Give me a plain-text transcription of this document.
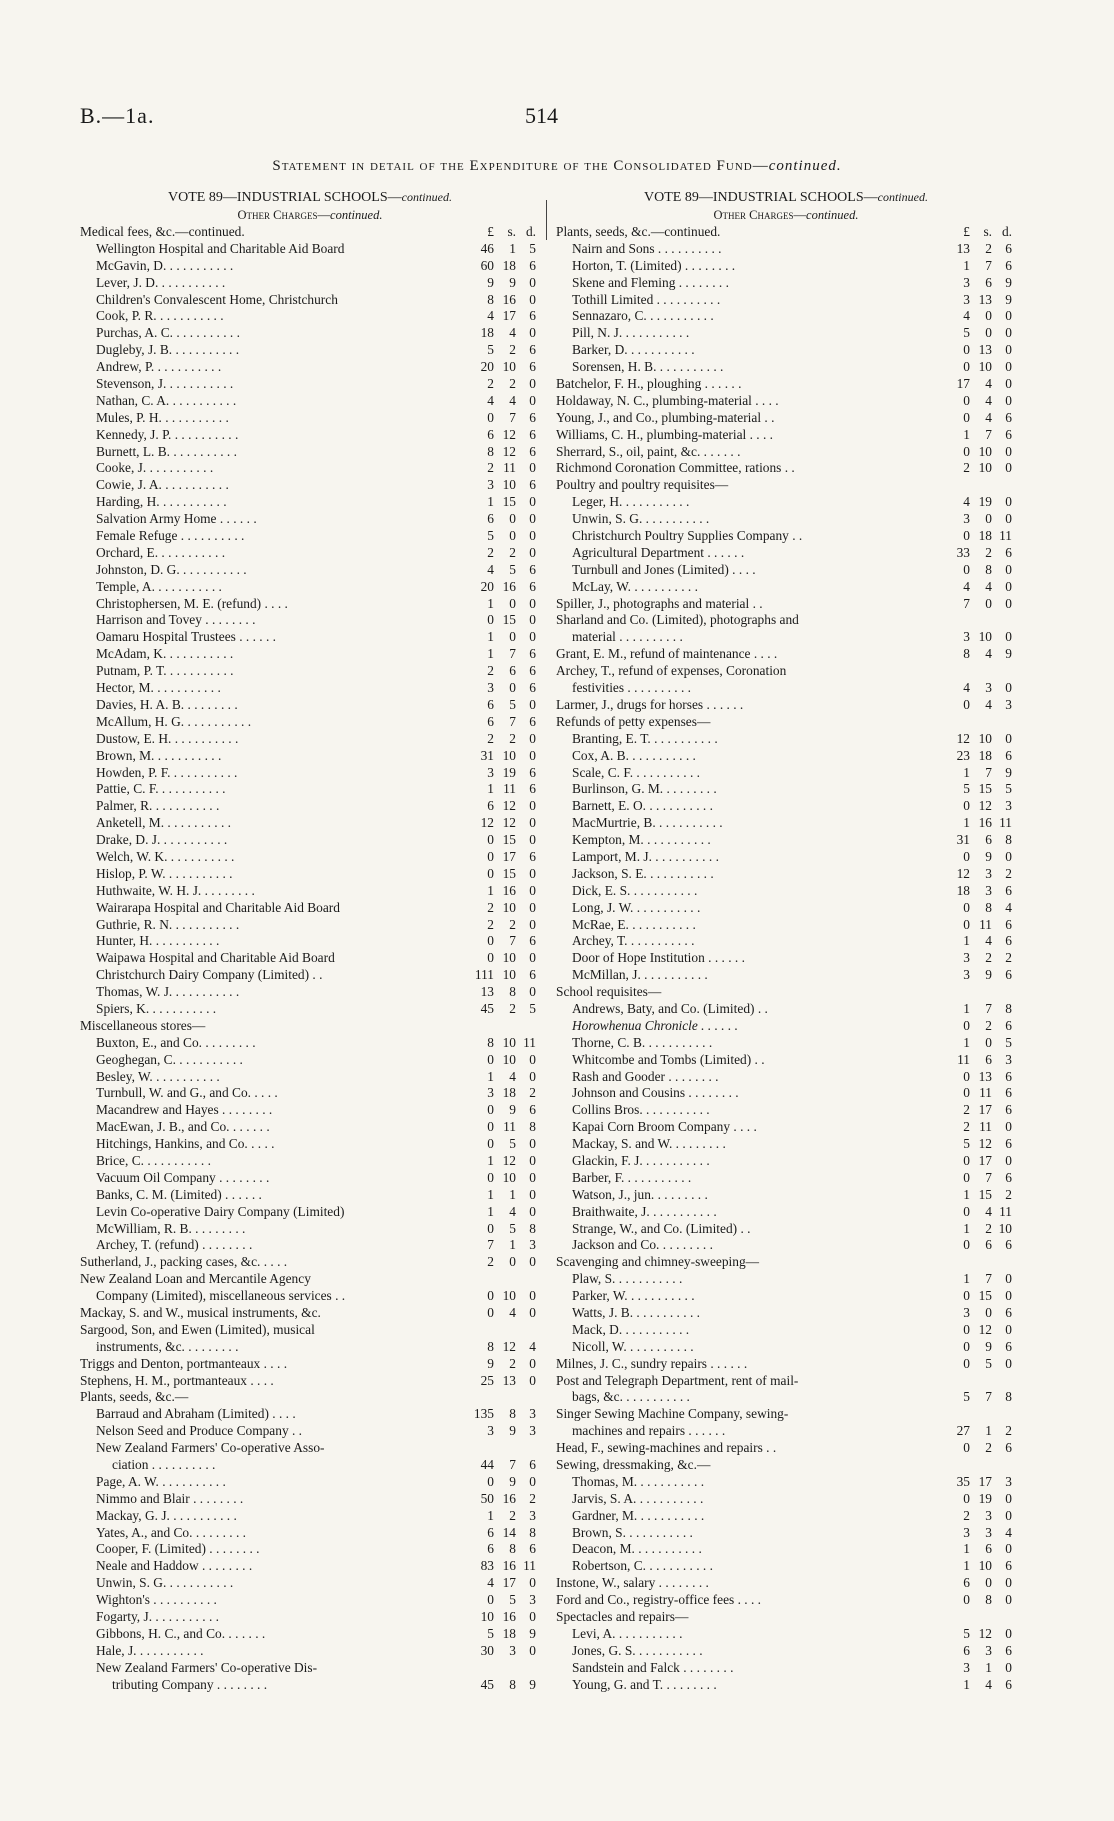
B.—1a.	514
Statement in detail of the Expenditure of the Consolidated Fund—continued.
VOTE 89—INDUSTRIAL SCHOOLS—continued.
Other Charges—continued.
Medical fees, &c.—continued.	£	s. d.
Wellington Hospital and Charitable Aid Board	46	1 5
McGavin, D. . . . . . . . . . .	60 18 6
Lever, J. D. . . . . . . . . . .	9	9 0
Children's Convalescent Home, Christchurch	8 16 0
Cook, P. R. . . . . . . . . . .	4 17 6
Purchas, A. C. . . . . . . . . . .	18	4 0
Dugleby, J. B. . . . . . . . . . .	5	2 6
Andrew, P. . . . . . . . . . .	20 10 6
Stevenson, J. . . . . . . . . . .	2	2 0
Nathan, C. A. . . . . . . . . . .	4	4 0
Mules, P. H. . . . . . . . . . .	0	7 6
Kennedy, J. P. . . . . . . . . . .	6 12 6
Burnett, L. B. . . . . . . . . . .	8 12 6
Cooke, J. . . . . . . . . . .	2 11 0
Cowie, J. A. . . . . . . . . . .	3 10 6
Harding, H. . . . . . . . . . .	1 15 0
Salvation Army Home . . . . . .	6	0 0
Female Refuge . . . . . . . . . .	5	0 0
Orchard, E. . . . . . . . . . .	2	2 0
Johnston, D. G. . . . . . . . . . .	4	5 6
Temple, A. . . . . . . . . . .	20 16 6
Christophersen, M. E. (refund) . . . .	1	0 0
Harrison and Tovey . . . . . . . .	0 15 0
Oamaru Hospital Trustees . . . . . .	1	0 0
McAdam, K. . . . . . . . . . .	1	7 6
Putnam, P. T. . . . . . . . . . .	2	6 6
Hector, M. . . . . . . . . . .	3	0 6
Davies, H. A. B. . . . . . . . .	6	5 0
McAllum, H. G. . . . . . . . . . .	6	7 6
Dustow, E. H. . . . . . . . . . .	2	2 0
Brown, M. . . . . . . . . . .	31 10 0
Howden, P. F. . . . . . . . . . .	3 19 6
Pattie, C. F. . . . . . . . . . .	1 11 6
Palmer, R. . . . . . . . . . .	6 12 0
Anketell, M. . . . . . . . . . .	12 12 0
Drake, D. J. . . . . . . . . . .	0 15 0
Welch, W. K. . . . . . . . . . .	0 17 6
Hislop, P. W. . . . . . . . . . .	0 15 0
Huthwaite, W. H. J. . . . . . . . .	1 16 0
Wairarapa Hospital and Charitable Aid Board	2 10 0
Guthrie, R. N. . . . . . . . . . .	2	2 0
Hunter, H. . . . . . . . . . .	0	7 6
Waipawa Hospital and Charitable Aid Board	0 10 0
Christchurch Dairy Company (Limited) . .	111 10 6
Thomas, W. J. . . . . . . . . . .	13	8 0
Spiers, K. . . . . . . . . . .	45	2 5
Miscellaneous stores—
Buxton, E., and Co. . . . . . . . .	8 10 11
Geoghegan, C. . . . . . . . . . .	0 10 0
Besley, W. . . . . . . . . . .	1	4 0
Turnbull, W. and G., and Co. . . . .	3 18 2
Macandrew and Hayes . . . . . . . .	0	9 6
MacEwan, J. B., and Co. . . . . . .	0 11 8
Hitchings, Hankins, and Co. . . . .	0	5 0
Brice, C. . . . . . . . . . .	1 12 0
Vacuum Oil Company . . . . . . . .	0 10 0
Banks, C. M. (Limited) . . . . . .	1	1 0
Levin Co-operative Dairy Company (Limited)	1	4 0
McWilliam, R. B. . . . . . . . .	0	5 8
Archey, T. (refund) . . . . . . . .	7	1 3
Sutherland, J., packing cases, &c. . . . .	2	0 0
New Zealand Loan and Mercantile Agency
Company (Limited), miscellaneous services . .	0 10 0
Mackay, S. and W., musical instruments, &c.	0	4 0
Sargood, Son, and Ewen (Limited), musical
instruments, &c. . . . . . . . .	8 12 4
Triggs and Denton, portmanteaux . . . .	9	2 0
Stephens, H. M., portmanteaux . . . .	25 13 0
Plants, seeds, &c.—
Barraud and Abraham (Limited) . . . .	135	8 3
Nelson Seed and Produce Company . .	3	9 3
New Zealand Farmers' Co-operative Asso-
ciation . . . . . . . . . .	44	7 6
Page, A. W. . . . . . . . . . .	0	9 0
Nimmo and Blair . . . . . . . .	50 16 2
Mackay, G. J. . . . . . . . . . .	1	2 3
Yates, A., and Co. . . . . . . . .	6 14 8
Cooper, F. (Limited) . . . . . . . .	6	8 6
Neale and Haddow . . . . . . . .	83 16 11
Unwin, S. G. . . . . . . . . . .	4 17 0
Wighton's . . . . . . . . . .	0	5 3
Fogarty, J. . . . . . . . . . .	10 16 0
Gibbons, H. C., and Co. . . . . . .	5 18 9
Hale, J. . . . . . . . . . .	30	3 0
New Zealand Farmers' Co-operative Dis-
tributing Company . . . . . . . .	45	8 9
VOTE 89—INDUSTRIAL SCHOOLS—continued.
Other Charges—continued.
Plants, seeds, &c.—continued.	£	s. d.
Nairn and Sons . . . . . . . . . .	13	2 6
Horton, T. (Limited) . . . . . . . .	1	7 6
Skene and Fleming . . . . . . . .	3	6 9
Tothill Limited . . . . . . . . . .	3 13 9
Sennazaro, C. . . . . . . . . . .	4	0 0
Pill, N. J. . . . . . . . . . .	5	0 0
Barker, D. . . . . . . . . . .	0 13 0
Sorensen, H. B. . . . . . . . . . .	0 10 0
Batchelor, F. H., ploughing . . . . . .	17	4 0
Holdaway, N. C., plumbing-material . . . .	0	4 0
Young, J., and Co., plumbing-material . .	0	4 6
Williams, C. H., plumbing-material . . . .	1	7 6
Sherrard, S., oil, paint, &c. . . . . . .	0 10 0
Richmond Coronation Committee, rations . .	2 10 0
Poultry and poultry requisites—
Leger, H. . . . . . . . . . .	4 19 0
Unwin, S. G. . . . . . . . . . .	3	0 0
Christchurch Poultry Supplies Company . .	0 18 11
Agricultural Department . . . . . .	33	2 6
Turnbull and Jones (Limited) . . . .	0	8 0
McLay, W. . . . . . . . . . .	4	4 0
Spiller, J., photographs and material . .	7	0 0
Sharland and Co. (Limited), photographs and
material . . . . . . . . . .	3 10 0
Grant, E. M., refund of maintenance . . . .	8	4 9
Archey, T., refund of expenses, Coronation
festivities . . . . . . . . . .	4	3 0
Larmer, J., drugs for horses . . . . . .	0	4 3
Refunds of petty expenses—
Branting, E. T. . . . . . . . . . .	12 10 0
Cox, A. B. . . . . . . . . . .	23 18 6
Scale, C. F. . . . . . . . . . .	1	7 9
Burlinson, G. M. . . . . . . . .	5 15 5
Barnett, E. O. . . . . . . . . . .	0 12 3
MacMurtrie, B. . . . . . . . . . .	1 16 11
Kempton, M. . . . . . . . . . .	31	6 8
Lamport, M. J. . . . . . . . . . .	0	9 0
Jackson, S. E. . . . . . . . . . .	12	3 2
Dick, E. S. . . . . . . . . . .	18	3 6
Long, J. W. . . . . . . . . . .	0	8 4
McRae, E. . . . . . . . . . .	0 11 6
Archey, T. . . . . . . . . . .	1	4 6
Door of Hope Institution . . . . . .	3	2 2
McMillan, J. . . . . . . . . . .	3	9 6
School requisites—
Andrews, Baty, and Co. (Limited) . .	1	7 8
Horowhenua Chronicle . . . . . .	0	2 6
Thorne, C. B. . . . . . . . . . .	1	0 5
Whitcombe and Tombs (Limited) . .	11	6 3
Rash and Gooder . . . . . . . .	0 13 6
Johnson and Cousins . . . . . . . .	0 11 6
Collins Bros. . . . . . . . . . .	2 17 6
Kapai Corn Broom Company . . . .	2 11 0
Mackay, S. and W. . . . . . . . .	5 12 6
Glackin, F. J. . . . . . . . . . .	0 17 0
Barber, F. . . . . . . . . . .	0	7 6
Watson, J., jun. . . . . . . . .	1 15 2
Braithwaite, J. . . . . . . . . . .	0	4 11
Strange, W., and Co. (Limited) . .	1	2 10
Jackson and Co. . . . . . . . .	0	6 6
Scavenging and chimney-sweeping—
Plaw, S. . . . . . . . . . .	1	7 0
Parker, W. . . . . . . . . . .	0 15 0
Watts, J. B. . . . . . . . . . .	3	0 6
Mack, D. . . . . . . . . . .	0 12 0
Nicoll, W. . . . . . . . . . .	0	9 6
Milnes, J. C., sundry repairs . . . . . .	0	5 0
Post and Telegraph Department, rent of mail-
bags, &c. . . . . . . . . . .	5	7 8
Singer Sewing Machine Company, sewing-
machines and repairs . . . . . .	27	1 2
Head, F., sewing-machines and repairs . .	0	2 6
Sewing, dressmaking, &c.—
Thomas, M. . . . . . . . . . .	35 17 3
Jarvis, S. A. . . . . . . . . . .	0 19 0
Gardner, M. . . . . . . . . . .	2	3 0
Brown, S. . . . . . . . . . .	3	3 4
Deacon, M. . . . . . . . . . .	1	6 0
Robertson, C. . . . . . . . . . .	1 10 6
Instone, W., salary . . . . . . . .	6	0 0
Ford and Co., registry-office fees . . . .	0	8 0
Spectacles and repairs—
Levi, A. . . . . . . . . . .	5 12 0
Jones, G. S. . . . . . . . . . .	6	3 6
Sandstein and Falck . . . . . . . .	3	1 0
Young, G. and T. . . . . . . . .	1	4 6
